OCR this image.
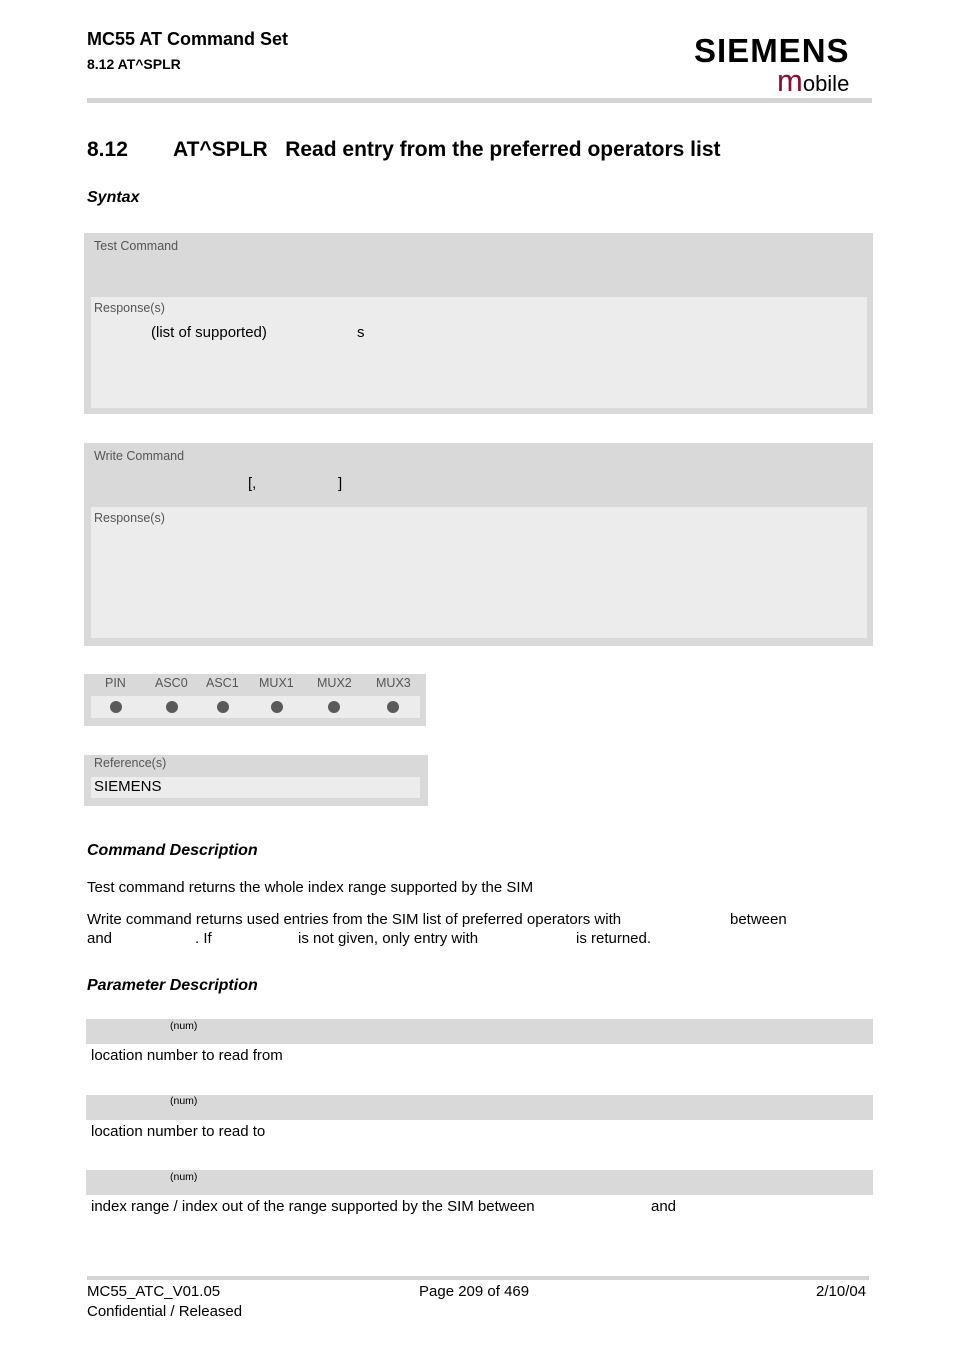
MC55 AT Command Set
8.12 AT^SPLR	SIEMENS
mobile
8.12 AT^SPLR   Read entry from the preferred operators list
Syntax
Test Command
Response(s)
(list of supported)	s
Write Command
[,	]
Response(s)
PIN ASC0 ASC1 MUX1 MUX2 MUX3
Reference(s)
SIEMENS
Command Description
Test command returns the whole index range supported by the SIM
Write command returns used entries from the SIM list of preferred operators with	between
and	. If	is not given, only entry with	is returned.
Parameter Description
(num)
location number to read from
(num)
location number to read to
(num)
index range / index out of the range supported by the SIM between	and
MC55_ATC_V01.05
Confidential / Released
Page 209 of 469	2/10/04
